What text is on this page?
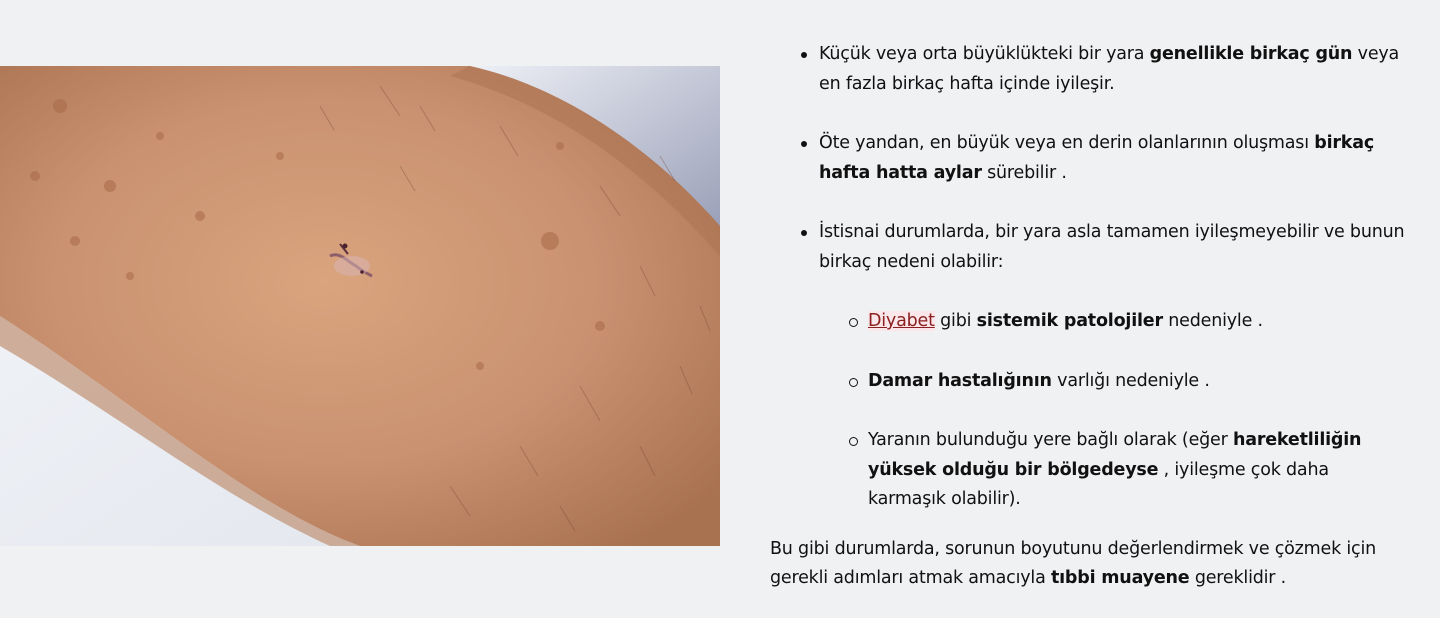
Küçük veya orta büyüklükteki bir yara genellikle birkaç gün veya en fazla birkaç hafta içinde iyileşir.
Öte yandan, en büyük veya en derin olanlarının oluşması birkaç hafta hatta aylar sürebilir .
İstisnai durumlarda, bir yara asla tamamen iyileşmeyebilir ve bunun birkaç nedeni olabilir:
Diyabet gibi sistemik patolojiler nedeniyle .
Damar hastalığının varlığı nedeniyle .
Yaranın bulunduğu yere bağlı olarak (eğer hareketliliğin yüksek olduğu bir bölgedeyse , iyileşme çok daha karmaşık olabilir).

Bu gibi durumlarda, sorunun boyutunu değerlendirmek ve çözmek için gerekli adımları atmak amacıyla tıbbi muayene gereklidir .
